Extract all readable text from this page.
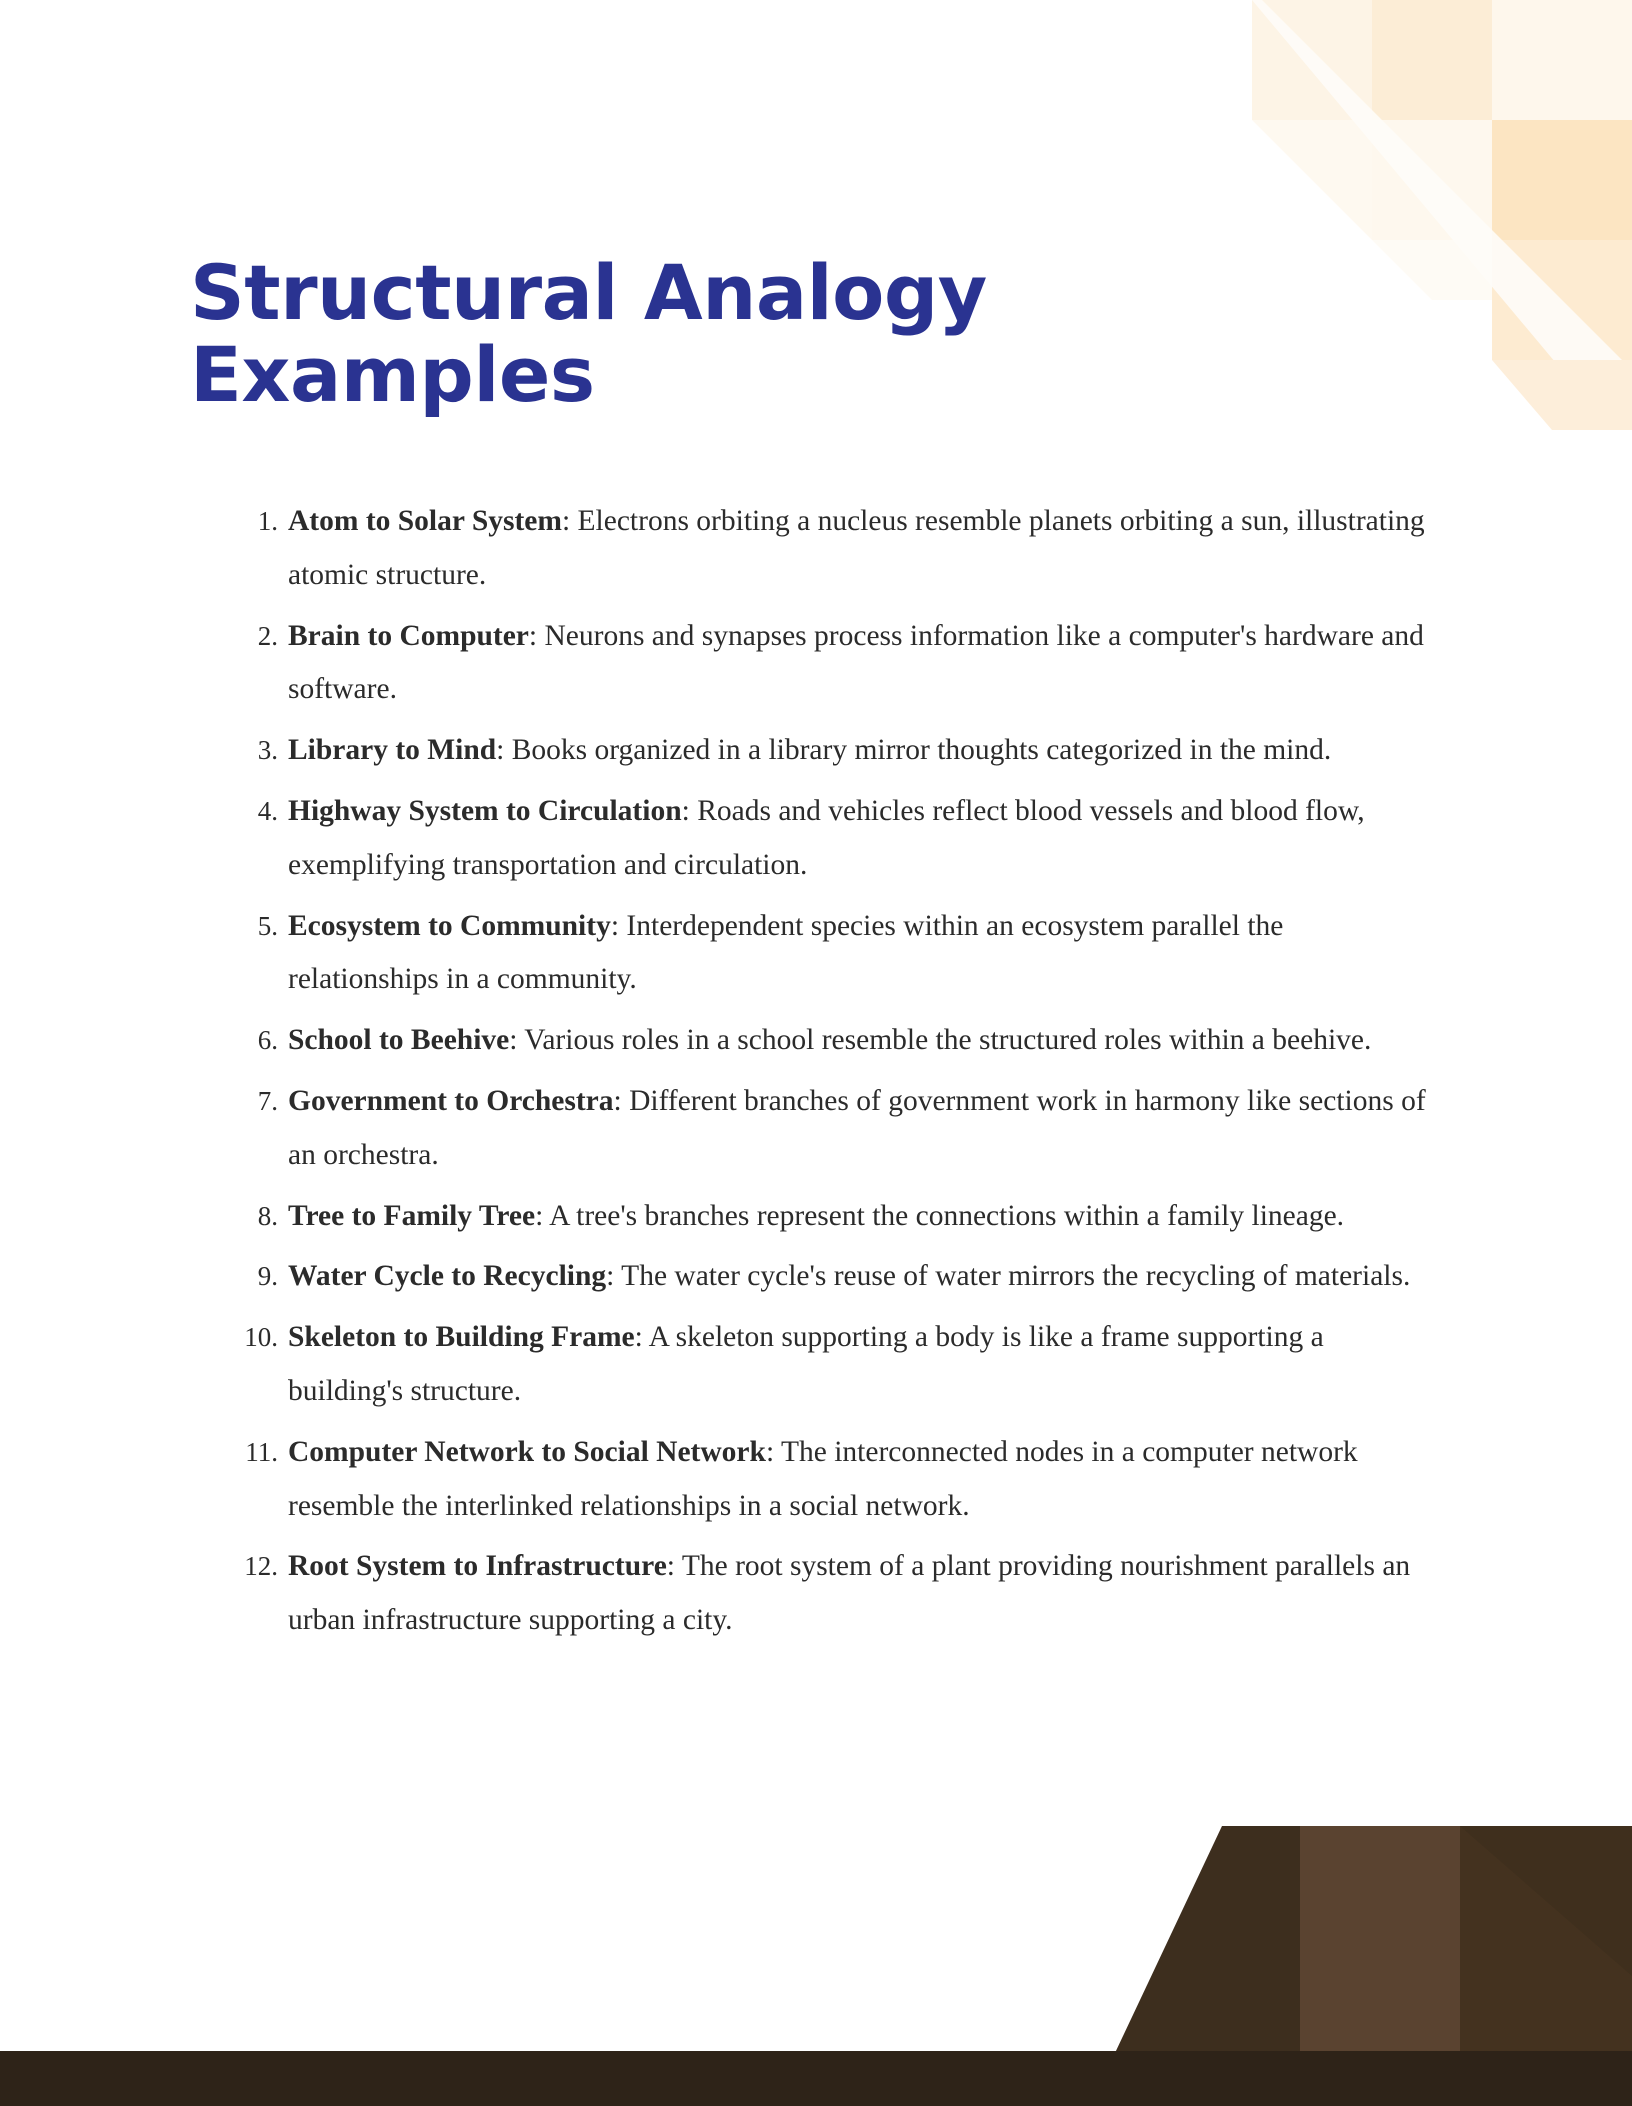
Structural Analogy Examples
Atom to Solar System: Electrons orbiting a nucleus resemble planets orbiting a sun, illustrating atomic structure.
Brain to Computer: Neurons and synapses process information like a computer's hardware and software.
Library to Mind: Books organized in a library mirror thoughts categorized in the mind.
Highway System to Circulation: Roads and vehicles reflect blood vessels and blood flow, exemplifying transportation and circulation.
Ecosystem to Community: Interdependent species within an ecosystem parallel the relationships in a community.
School to Beehive: Various roles in a school resemble the structured roles within a beehive.
Government to Orchestra: Different branches of government work in harmony like sections of an orchestra.
Tree to Family Tree: A tree's branches represent the connections within a family lineage.
Water Cycle to Recycling: The water cycle's reuse of water mirrors the recycling of materials.
Skeleton to Building Frame: A skeleton supporting a body is like a frame supporting a building's structure.
Computer Network to Social Network: The interconnected nodes in a computer network resemble the interlinked relationships in a social network.
Root System to Infrastructure: The root system of a plant providing nourishment parallels an urban infrastructure supporting a city.
